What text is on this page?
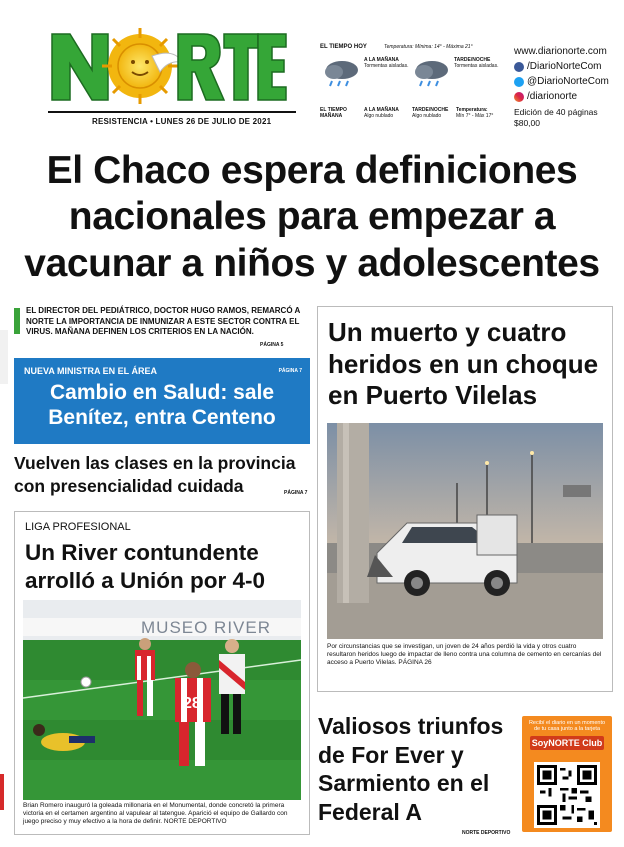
RESISTENCIA • LUNES 26 DE JULIO DE 2021
EL TIEMPO HOY	Temperatura: Mínima: 14° - Máxima 21°
A LA MAÑANA
Tormentas aisladas.
TARDE/NOCHE
Tormentas aisladas.
EL TIEMPO MAÑANA
A LA MAÑANA
Algo nublado
TARDE/NOCHE
Algo nublado
Temperatura:
Mín 7° - Máx 17°
www.diarionorte.com
/DiarioNorteCom
@DiarioNorteCom
/diarionorte
Edición de 40 páginas
$80,00
El Chaco espera definiciones
nacionales para empezar a
vacunar a niños y adolescentes
EL DIRECTOR DEL PEDIÁTRICO, DOCTOR HUGO RAMOS, REMARCÓ A NORTE LA IMPORTANCIA DE INMUNIZAR A ESTE SECTOR CONTRA EL VIRUS. MAÑANA DEFINEN LOS CRITERIOS EN LA NACIÓN.
PÁGINA 5
NUEVA MINISTRA EN EL ÁREA	PÁGINA 7
Cambio en Salud: sale
Benítez, entra Centeno
Vuelven las clases en la provincia
con presencialidad cuidada	PÁGINA 7
LIGA PROFESIONAL
Un River contundente
arrolló a Unión por 4-0
MUSEO RIVER
28
Brian Romero inauguró la goleada millonaria en el Monumental, donde concretó la primera victoria en el certamen argentino al vapulear al tatengue. Aparició el equipo de Gallardo con juego preciso y muy efectivo a la hora de definir. NORTE DEPORTIVO
Un muerto y cuatro
heridos en un choque
en Puerto Vilelas
Por circunstancias que se investigan, un joven de 24 años perdió la vida y otros cuatro resultaron heridos luego de impactar de lleno contra una columna de cemento en cercanías del acceso a Puerto Vilelas. PÁGINA 26
Valiosos triunfos
de For Ever y
Sarmiento en el
Federal A
NORTE DEPORTIVO
Recibí el diario en un momento de tu casa junto a la tarjeta
SoyNORTE Club
